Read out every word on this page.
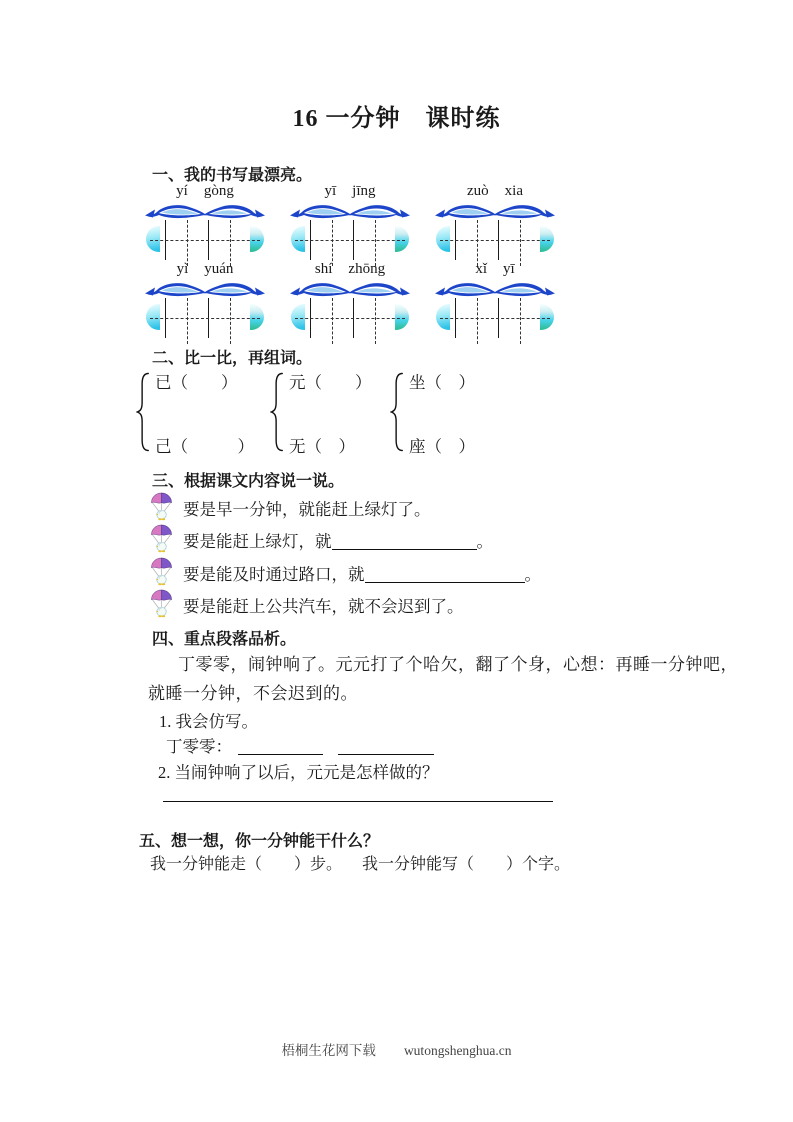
16 一分钟　课时练
一、我的书写最漂亮。
yí gòng	yī jīng	zuò xia
yì yuán	shí zhōng	xǐ yī
二、比一比，再组词。
已（　　）
己（　　　）
元（　　）
无（　）
坐（　）
座（　）
三、根据课文内容说一说。
要是早一分钟，就能赶上绿灯了。
要是能赶上绿灯，就	。
要是能及时通过路口，就	。
要是能赶上公共汽车，就不会迟到了。
四、重点段落品析。
丁零零，闹钟响了。元元打了个哈欠，翻了个身，心想：再睡一分钟吧，
就睡一分钟，不会迟到的。
1. 我会仿写。
丁零零：
2. 当闹钟响了以后，元元是怎样做的？
五、想一想，你一分钟能干什么？
我一分钟能走（　　）步。 我一分钟能写（　　）个字。
梧桐生花网下载 wutongshenghua.cn
